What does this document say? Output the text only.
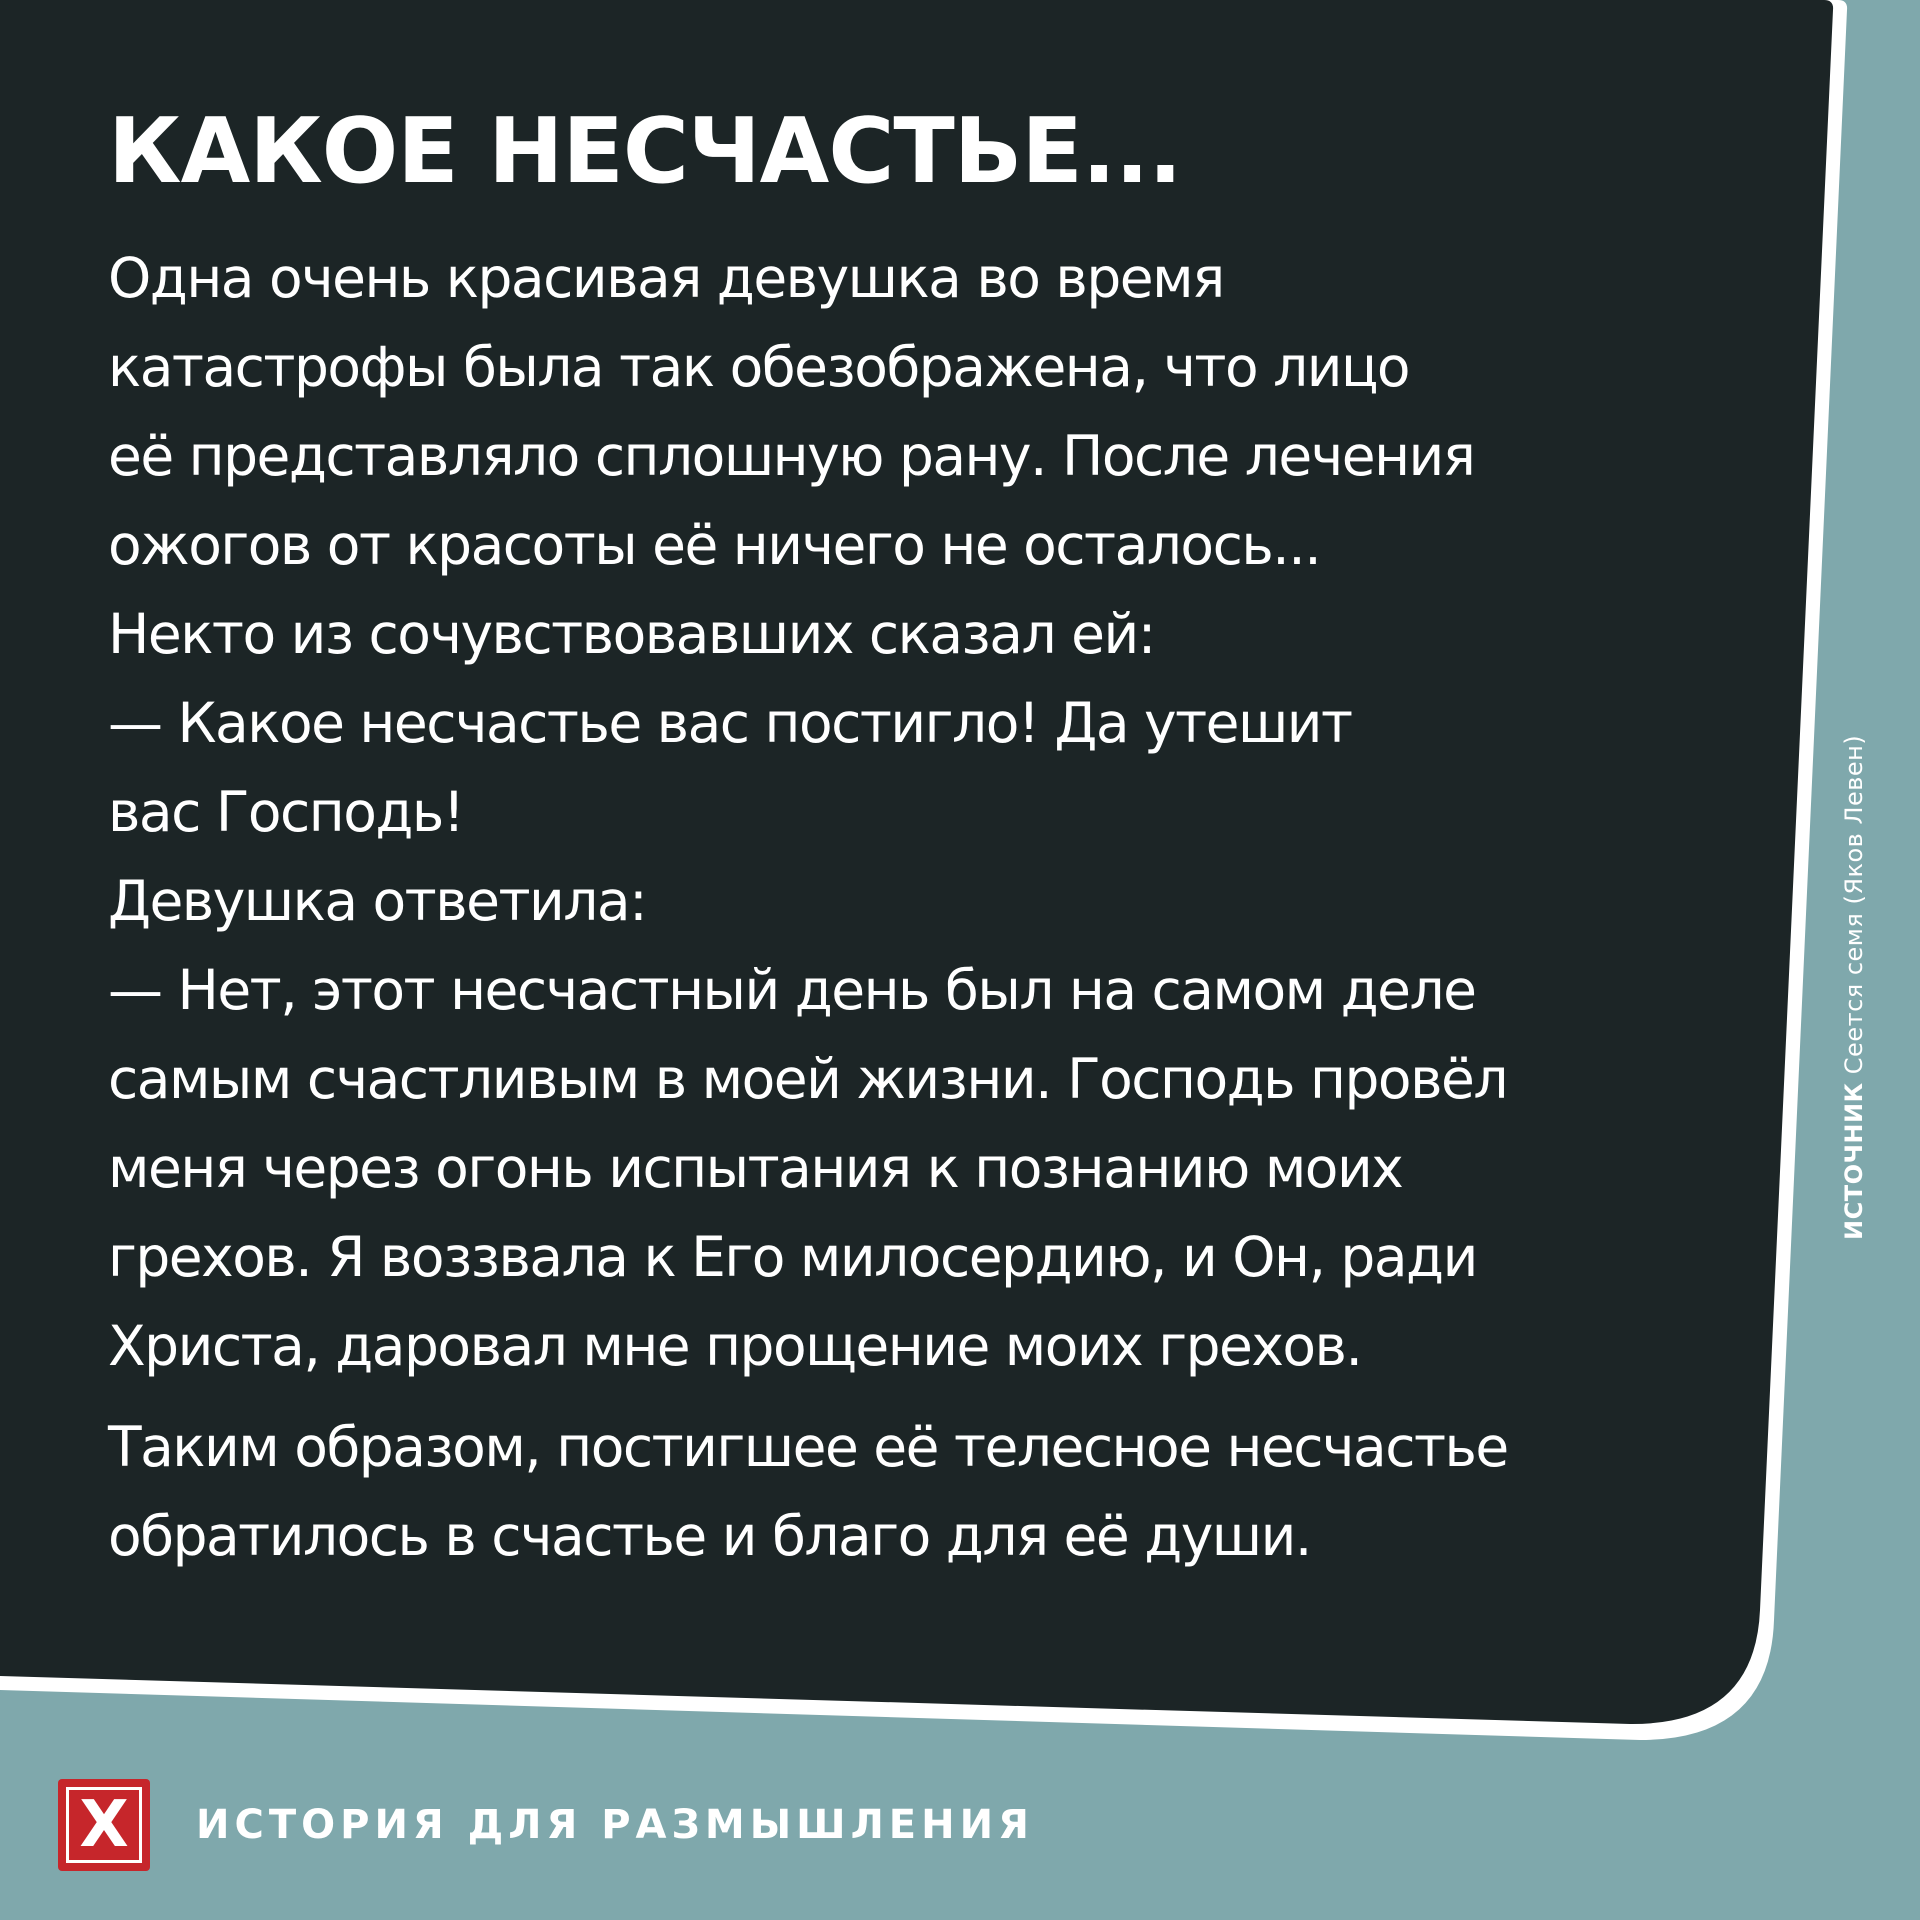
КАКОЕ НЕСЧАСТЬЕ...
Одна очень красивая девушка во время
катастрофы была так обезображена, что лицо
её представляло сплошную рану. После лечения
ожогов от красоты её ничего не осталось...
Некто из сочувствовавших сказал ей:
— Какое несчастье вас постигло! Да утешит
вас Господь!
Девушка ответила:
— Нет, этот несчастный день был на самом деле
самым счастливым в моей жизни. Господь провёл
меня через огонь испытания к познанию моих
грехов. Я воззвала к Его милосердию, и Он, ради
Христа, даровал мне прощение моих грехов.
Таким образом, постигшее её телесное несчастье
обратилось в счастье и благо для её души.
ИСТОЧНИК Сеется семя (Яков Левен)
X	ИСТОРИЯ ДЛЯ РАЗМЫШЛЕНИЯ
